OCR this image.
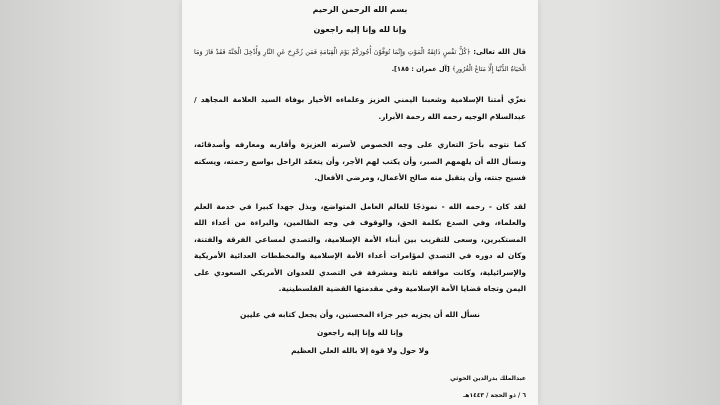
بسم الله الرحمن الرحيم
وإنا لله وإنا إليه راجعون
قال الله تعالى: ﴿كُلُّ نَفْسٍ ذَائِقَةُ الْمَوْتِ وَإِنَّمَا تُوَفَّوْنَ أُجُورَكُمْ يَوْمَ الْقِيَامَةِ فَمَن زُحْزِحَ عَنِ النَّارِ وَأُدْخِلَ الْجَنَّةَ فَقَدْ فَازَ وَمَا الْحَيَاةُ الدُّنْيَا إِلَّا مَتَاعُ الْغُرُورِ﴾ [آل عمران : ١٨٥].

نعزّي أمتنا الإسلامية وشعبنا اليمني العزيز وعلماءه الأخيار بوفاة السيد العلامة المجاهد / عبدالسلام الوجيه رحمه الله رحمة الأبرار.

كما نتوجه بأحرّ التعازي على وجه الخصوص لأسرته العزيزة وأقاربه ومعارفه وأصدقائه، ونسأل الله أن يلهمهم الصبر، وأن يكتب لهم الأجر، وأن يتغمّد الراحل بواسع رحمته، ويسكنه فسيح جنته، وأن يتقبل منه صالح الأعمال، ومرضي الأفعال.

لقد كان - رحمه الله - نموذجًا للعالم العامل المتواضع، وبذل جهدا كبيرا في خدمة العلم والعلماء، وفي الصدع بكلمة الحق، والوقوف في وجه الظالمين، والبراءة من أعداء الله المستكبرين، وسعى للتقريب بين أبناء الأمة الإسلامية، والتصدي لمساعي الفرقة والفتنة، وكان له دوره في التصدي لمؤامرات أعداء الأمة الإسلامية والمخططات العدائية الأمريكية والإسرائيلية، وكانت مواقفه ثابتة ومشرفة في التصدي للعدوان الأمريكي السعودي على اليمن وتجاه قضايا الأمة الإسلامية وفي مقدمتها القضية الفلسطينية.

نسأل الله أن يجزيه خير جزاء المحسنين، وأن يجعل كتابه في عليين
وإنا لله وإنا إليه راجعون
ولا حول ولا قوة إلا بالله العلي العظيم
عبدالملك بدرالدين الحوثي
٦ / ذو الحجة / ١٤٤٣هـ
